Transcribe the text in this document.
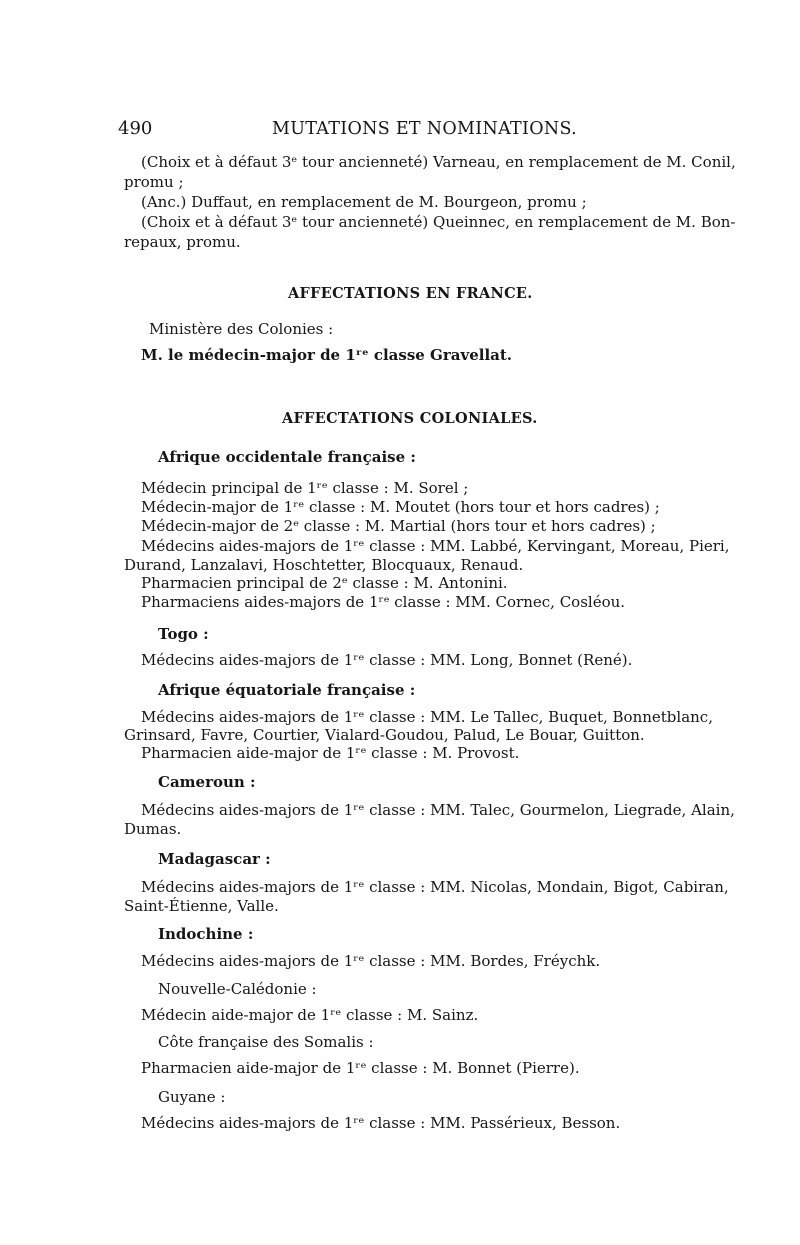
490	MUTATIONS ET NOMINATIONS.
(Choix et à défaut 3ᵉ tour ancienneté) Varneau, en remplacement de M. Conil,
promu ;
(Anc.) Duffaut, en remplacement de M. Bourgeon, promu ;
(Choix et à défaut 3ᵉ tour ancienneté) Queinnec, en remplacement de M. Bon-
repaux, promu.
AFFECTATIONS EN FRANCE.
Ministère des Colonies :
M. le médecin-major de 1ʳᵉ classe Gravellat.
AFFECTATIONS COLONIALES.
Afrique occidentale française :
Médecin principal de 1ʳᵉ classe : M. Sorel ;
Médecin-major de 1ʳᵉ classe : M. Moutet (hors tour et hors cadres) ;
Médecin-major de 2ᵉ classe : M. Martial (hors tour et hors cadres) ;
Médecins aides-majors de 1ʳᵉ classe : MM. Labbé, Kervingant, Moreau, Pieri,
Durand, Lanzalavi, Hoschtetter, Blocquaux, Renaud.
Pharmacien principal de 2ᵉ classe : M. Antonini.
Pharmaciens aides-majors de 1ʳᵉ classe : MM. Cornec, Cosléou.
Togo :
Médecins aides-majors de 1ʳᵉ classe : MM. Long, Bonnet (René).
Afrique équatoriale française :
Médecins aides-majors de 1ʳᵉ classe : MM. Le Tallec, Buquet, Bonnetblanc,
Grinsard, Favre, Courtier, Vialard-Goudou, Palud, Le Bouar, Guitton.
Pharmacien aide-major de 1ʳᵉ classe : M. Provost.
Cameroun :
Médecins aides-majors de 1ʳᵉ classe : MM. Talec, Gourmelon, Liegrade, Alain,
Dumas.
Madagascar :
Médecins aides-majors de 1ʳᵉ classe : MM. Nicolas, Mondain, Bigot, Cabiran,
Saint-Étienne, Valle.
Indochine :
Médecins aides-majors de 1ʳᵉ classe : MM. Bordes, Fréychk.
Nouvelle-Calédonie :
Médecin aide-major de 1ʳᵉ classe : M. Sainz.
Côte française des Somalis :
Pharmacien aide-major de 1ʳᵉ classe : M. Bonnet (Pierre).
Guyane :
Médecins aides-majors de 1ʳᵉ classe : MM. Passérieux, Besson.
